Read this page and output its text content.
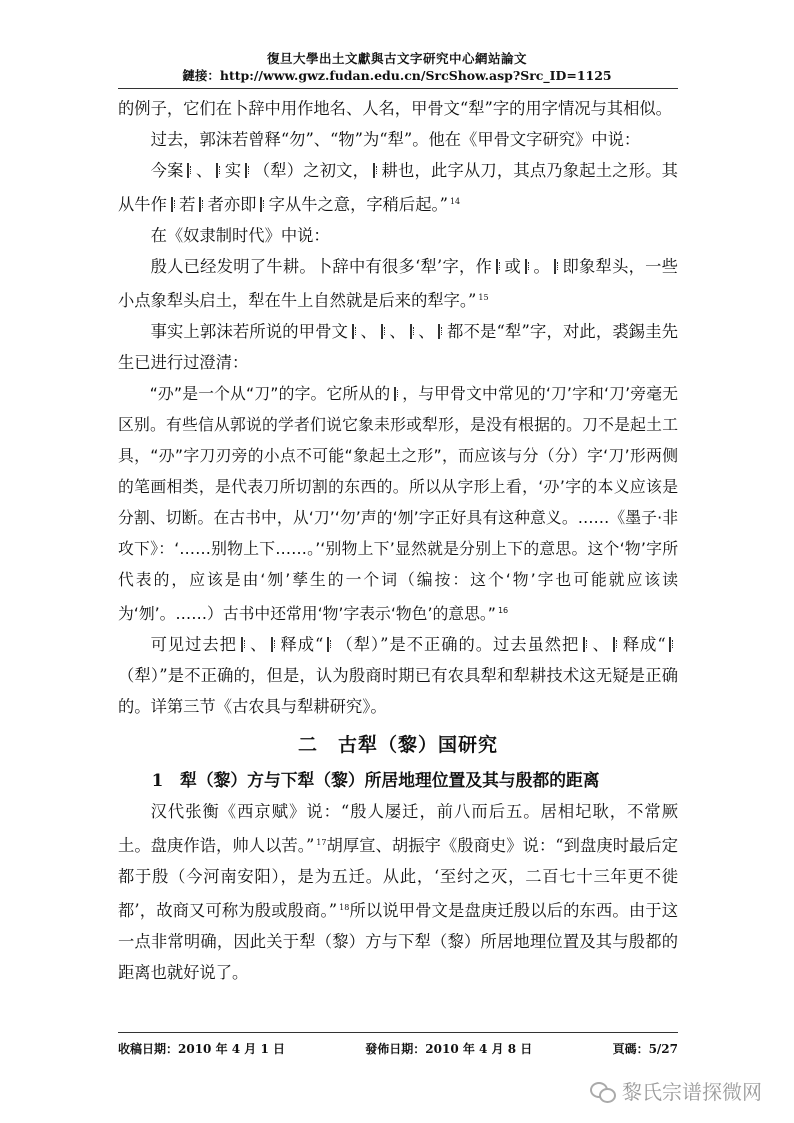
復旦大學出土文獻與古文字研究中心網站論文
鏈接：http://www.gwz.fudan.edu.cn/SrcShow.asp?Src_ID=1125

的例子，它们在卜辞中用作地名、人名，甲骨文“犁”字的用字情况与其相似。

过去，郭沫若曾释“勿”、“物”为“犁”。他在《甲骨文字研究》中说：

今案 、 实 （犁）之初文， 耕也，此字从刀，其点乃象起土之形。其从牛作 若 者亦即 字从牛之意，字稍后起。” $^{14}$

在《奴隶制时代》中说：

殷人已经发明了牛耕。卜辞中有很多‘犁’字，作 或 。 即象犁头，一些小点象犁头启土，犁在牛上自然就是后来的犁字。” $^{15}$

事实上郭沫若所说的甲骨文 、 、 、 都不是“犁”字，对此，裘錫圭先生已进行过澄清：

“刅”是一个从“刀”的字。它所从的 ，与甲骨文中常见的‘刀’字和‘刀’旁毫无区别。有些信从郭说的学者们说它象耒形或犁形，是没有根据的。刀不是起土工具，“刅”字刀刃旁的小点不可能“象起土之形”，而应该与分（分）字‘刀’形两侧的笔画相类，是代表刀所切割的东西的。所以从字形上看，‘刅’字的本义应该是分割、切断。在古书中，从‘刀’‘勿’声的‘刎’字正好具有这种意义。……《墨子·非攻下》：‘……别物上下……。’‘别物上下’显然就是分别上下的意思。这个‘物’字所代表的，应该是由‘刎’孳生的一个词（编按：这个‘物’字也可能就应该读为‘刎’。……）古书中还常用‘物’字表示‘物色’的意思。” $^{16}$

可见过去把 、 释成“ （犁）”是不正确的。过去虽然把 、 释成“（犁）”是不正确的，但是，认为殷商时期已有农具犁和犁耕技术这无疑是正确的。详第三节《古农具与犁耕研究》。

二　古犁（黎）国研究

1　犁（黎）方与下犁（黎）所居地理位置及其与殷都的距离

汉代张衡《西京赋》说：“殷人屡迁，前八而后五。居相圮耿，不常厥土。盘庚作诰，帅人以苦。” $^{17}$胡厚宣、胡振宇《殷商史》说：“到盘庚时最后定都于殷（今河南安阳），是为五迁。从此，‘至纣之灭，二百七十三年更不徙都’，故商又可称为殷或殷商。” $^{18}$所以说甲骨文是盘庚迁殷以后的东西。由于这一点非常明确，因此关于犁（黎）方与下犁（黎）所居地理位置及其与殷都的距离也就好说了。

收稿日期：2010 年 4 月 1 日	發佈日期：2010 年 4 月 8 日	頁碼：5/27
黎氏宗谱探微网
